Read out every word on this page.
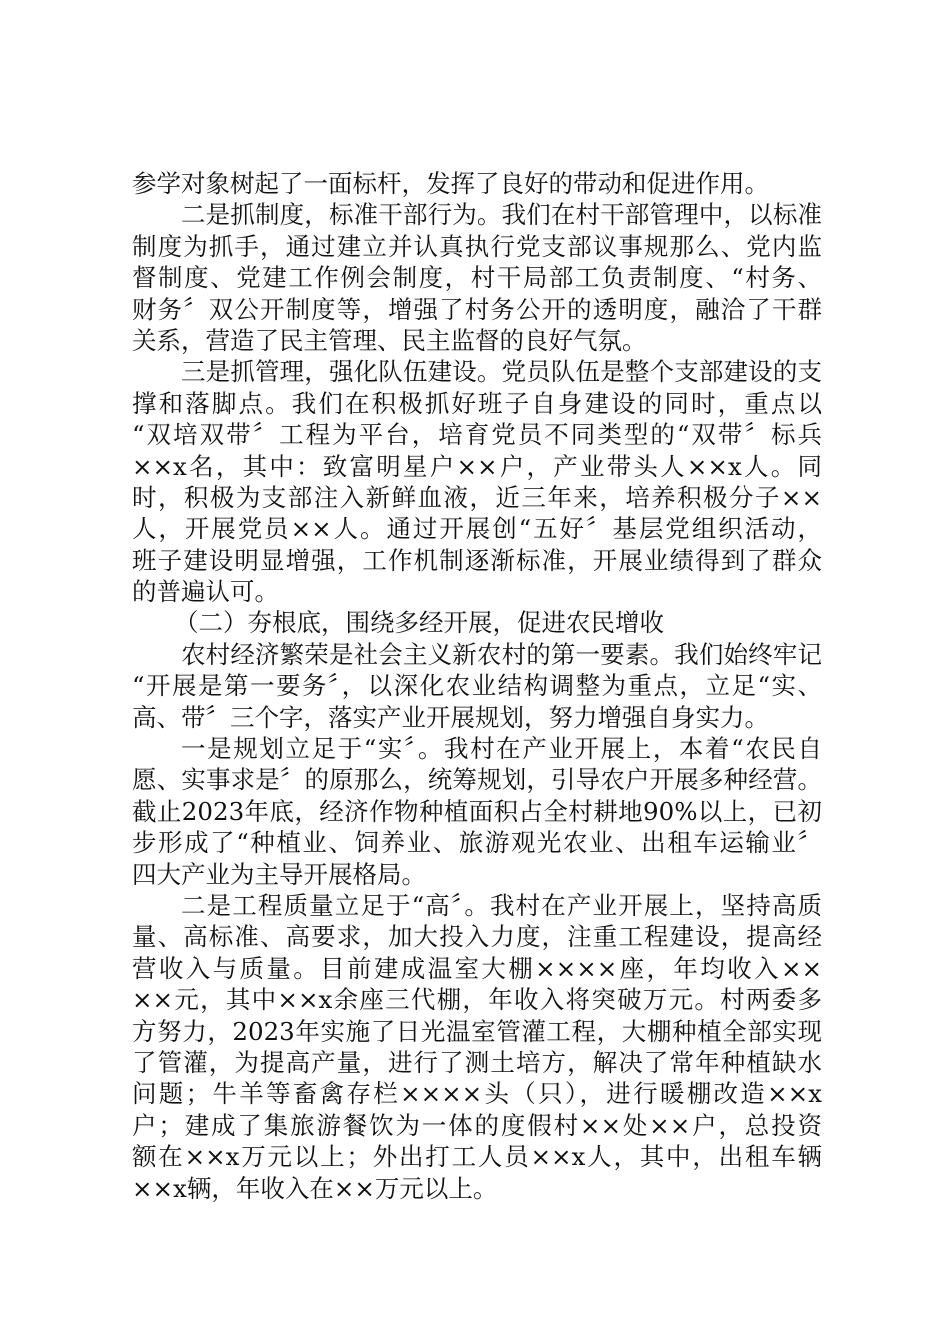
参学对象树起了一面标杆，发挥了良好的带动和促进作用。
二是抓制度，标准干部行为。我们在村干部管理中，以标准
制度为抓手，通过建立并认真执行党支部议事规那么、党内监
督制度、党建工作例会制度，村干局部工负责制度、“村务、
财务〞双公开制度等，增强了村务公开的透明度，融洽了干群
关系，营造了民主管理、民主监督的良好气氛。
三是抓管理，强化队伍建设。党员队伍是整个支部建设的支
撑和落脚点。我们在积极抓好班子自身建设的同时，重点以
“双培双带〞工程为平台，培育党员不同类型的“双带〞标兵
××x名，其中：致富明星户××户，产业带头人××x人。同
时，积极为支部注入新鲜血液，近三年来，培养积极分子××
人，开展党员××人。通过开展创“五好〞基层党组织活动，
班子建设明显增强，工作机制逐渐标准，开展业绩得到了群众
的普遍认可。
（二）夯根底，围绕多经开展，促进农民增收
农村经济繁荣是社会主义新农村的第一要素。我们始终牢记
“开展是第一要务〞，以深化农业结构调整为重点，立足“实、
高、带〞三个字，落实产业开展规划，努力增强自身实力。
一是规划立足于“实〞。我村在产业开展上，本着“农民自
愿、实事求是〞的原那么，统筹规划，引导农户开展多种经营。
截止2023年底，经济作物种植面积占全村耕地90%以上，已初
步形成了“种植业、饲养业、旅游观光农业、出租车运输业〞
四大产业为主导开展格局。
二是工程质量立足于“高〞。我村在产业开展上，坚持高质
量、高标准、高要求，加大投入力度，注重工程建设，提高经
营收入与质量。目前建成温室大棚××××座，年均收入××
××元，其中××x余座三代棚，年收入将突破万元。村两委多
方努力，2023年实施了日光温室管灌工程，大棚种植全部实现
了管灌，为提高产量，进行了测土培方，解决了常年种植缺水
问题；牛羊等畜禽存栏××××头（只），进行暖棚改造××x
户；建成了集旅游餐饮为一体的度假村××处××户，总投资
额在××x万元以上；外出打工人员××x人，其中，出租车辆
××x辆，年收入在××万元以上。
